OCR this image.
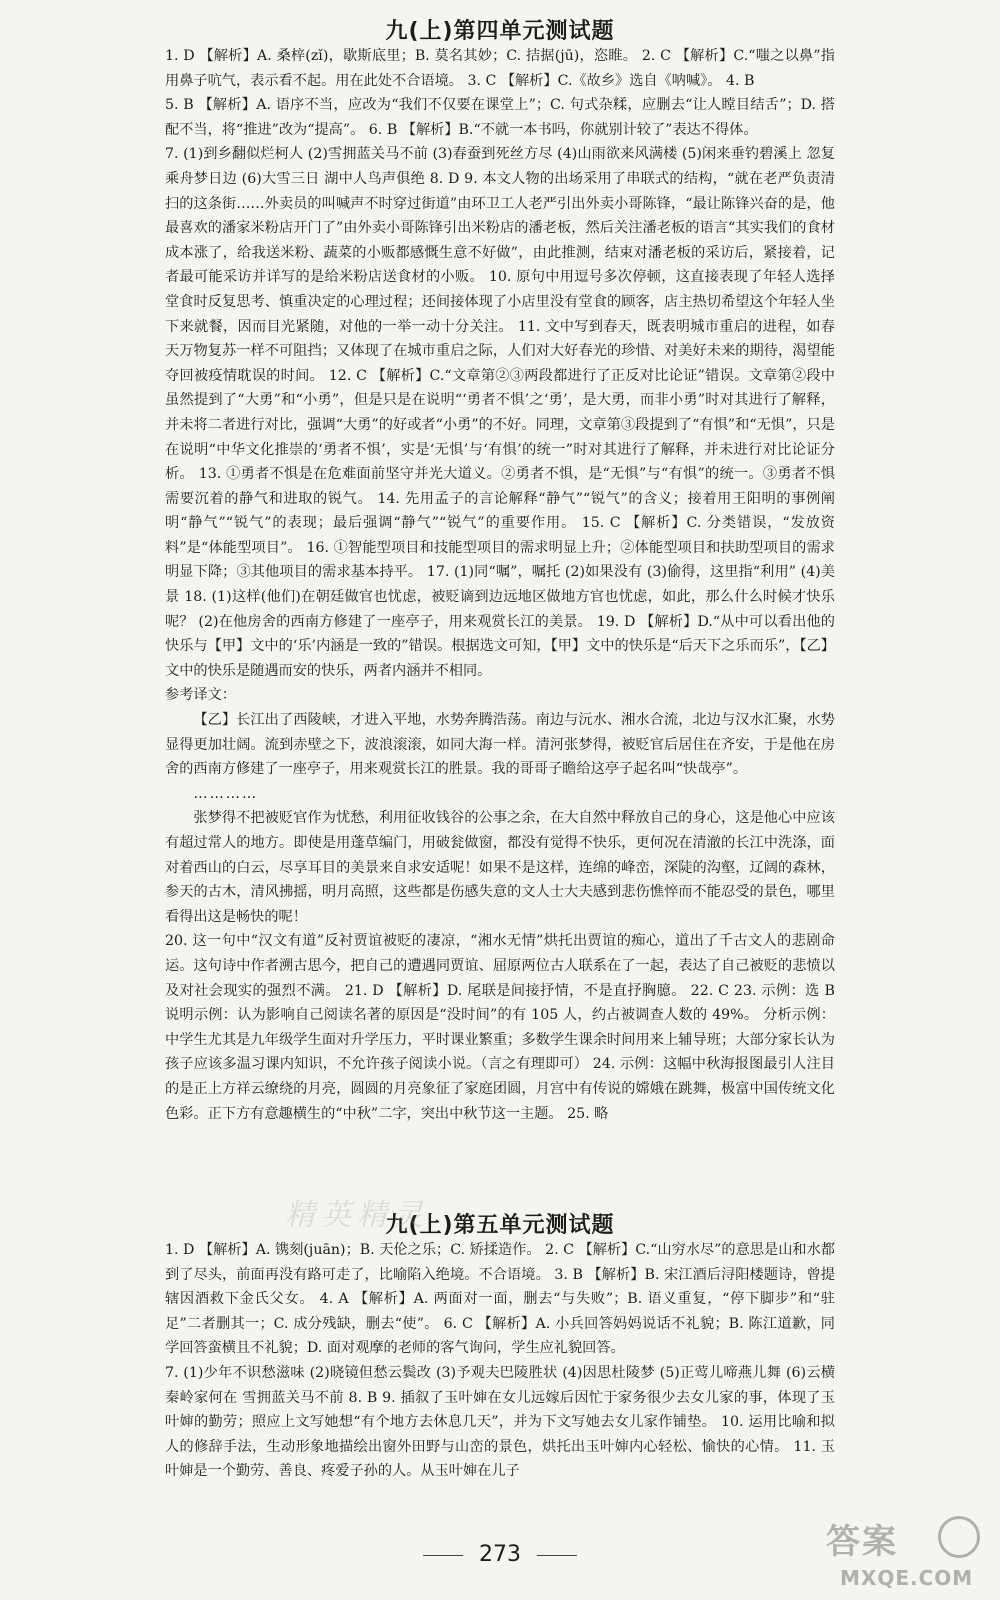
九(上)第四单元测试题

1. D 【解析】A. 桑梓(zǐ)，歇斯底里；B. 莫名其妙；C. 拮据(jū)，恣睢。 2. C 【解析】C.“嗤之以鼻”指用鼻子吭气，表示看不起。用在此处不合语境。 3. C 【解析】C.《故乡》选自《呐喊》。 4. B

5. B 【解析】A. 语序不当，应改为“我们不仅要在课堂上”；C. 句式杂糅，应删去“让人瞠目结舌”；D. 搭配不当，将“推进”改为“提高”。 6. B 【解析】B.“不就一本书吗，你就别计较了”表达不得体。

7. (1)到乡翻似烂柯人 (2)雪拥蓝关马不前 (3)春蚕到死丝方尽 (4)山雨欲来风满楼 (5)闲来垂钓碧溪上 忽复乘舟梦日边 (6)大雪三日 湖中人鸟声俱绝 8. D 9. 本文人物的出场采用了串联式的结构，“就在老严负责清扫的这条街……外卖员的叫喊声不时穿过街道”由环卫工人老严引出外卖小哥陈锋，“最让陈锋兴奋的是，他最喜欢的潘家米粉店开门了”由外卖小哥陈锋引出米粉店的潘老板，然后关注潘老板的语言“其实我们的食材成本涨了，给我送米粉、蔬菜的小贩都感慨生意不好做”，由此推测，结束对潘老板的采访后，紧接着，记者最可能采访并详写的是给米粉店送食材的小贩。 10. 原句中用逗号多次停顿，这直接表现了年轻人选择堂食时反复思考、慎重决定的心理过程；还间接体现了小店里没有堂食的顾客，店主热切希望这个年轻人坐下来就餐，因而目光紧随，对他的一举一动十分关注。 11. 文中写到春天，既表明城市重启的进程，如春天万物复苏一样不可阻挡；又体现了在城市重启之际，人们对大好春光的珍惜、对美好未来的期待，渴望能夺回被疫情耽误的时间。 12. C 【解析】C.“文章第②③两段都进行了正反对比论证”错误。文章第②段中虽然提到了“大勇”和“小勇”，但是只是在说明“‘勇者不惧’之‘勇’，是大勇，而非小勇”时对其进行了解释，并未将二者进行对比，强调“大勇”的好或者“小勇”的不好。同理，文章第③段提到了“有惧”和“无惧”，只是在说明“中华文化推崇的‘勇者不惧’，实是‘无惧’与‘有惧’的统一”时对其进行了解释，并未进行对比论证分析。 13. ①勇者不惧是在危难面前坚守并光大道义。②勇者不惧，是“无惧”与“有惧”的统一。③勇者不惧需要沉着的静气和进取的锐气。 14. 先用孟子的言论解释“静气”“锐气”的含义；接着用王阳明的事例阐明“静气”“锐气”的表现；最后强调“静气”“锐气”的重要作用。 15. C 【解析】C. 分类错误，“发放资料”是“体能型项目”。 16. ①智能型项目和技能型项目的需求明显上升；②体能型项目和扶助型项目的需求明显下降；③其他项目的需求基本持平。 17. (1)同“嘱”，嘱托 (2)如果没有 (3)偷得，这里指“利用” (4)美景 18. (1)这样(他们)在朝廷做官也忧虑，被贬谪到边远地区做地方官也忧虑，如此，那么什么时候才快乐呢？ (2)在他房舍的西南方修建了一座亭子，用来观赏长江的美景。 19. D 【解析】D.“从中可以看出他的快乐与【甲】文中的‘乐’内涵是一致的”错误。根据选文可知，【甲】文中的快乐是“后天下之乐而乐”，【乙】文中的快乐是随遇而安的快乐，两者内涵并不相同。

参考译文：

【乙】长江出了西陵峡，才进入平地，水势奔腾浩荡。南边与沅水、湘水合流，北边与汉水汇聚，水势显得更加壮阔。流到赤壁之下，波浪滚滚，如同大海一样。清河张梦得，被贬官后居住在齐安，于是他在房舍的西南方修建了一座亭子，用来观赏长江的胜景。我的哥哥子瞻给这亭子起名叫“快哉亭”。

…………

张梦得不把被贬官作为忧愁，利用征收钱谷的公事之余，在大自然中释放自己的身心，这是他心中应该有超过常人的地方。即使是用蓬草编门，用破瓮做窗，都没有觉得不快乐，更何况在清澈的长江中洗涤，面对着西山的白云，尽享耳目的美景来自求安适呢！如果不是这样，连绵的峰峦，深陡的沟壑，辽阔的森林，参天的古木，清风拂摇，明月高照，这些都是伤感失意的文人士大夫感到悲伤憔悴而不能忍受的景色，哪里看得出这是畅快的呢！

20. 这一句中“汉文有道”反衬贾谊被贬的凄凉，“湘水无情”烘托出贾谊的痴心，道出了千古文人的悲剧命运。这句诗中作者溯古思今，把自己的遭遇同贾谊、屈原两位古人联系在了一起，表达了自己被贬的悲愤以及对社会现实的强烈不满。 21. D 【解析】D. 尾联是间接抒情，不是直抒胸臆。 22. C 23. 示例：选 B 说明示例：认为影响自己阅读名著的原因是“没时间”的有 105 人，约占被调查人数的 49%。 分析示例：中学生尤其是九年级学生面对升学压力，平时课业繁重；多数学生课余时间用来上辅导班；大部分家长认为孩子应该多温习课内知识，不允许孩子阅读小说。（言之有理即可） 24. 示例：这幅中秋海报图最引人注目的是正上方祥云缭绕的月亮，圆圆的月亮象征了家庭团圆，月宫中有传说的嫦娥在跳舞，极富中国传统文化色彩。正下方有意趣横生的“中秋”二字，突出中秋节这一主题。 25. 略

九(上)第五单元测试题

1. D 【解析】A. 镌刻(juān)；B. 天伦之乐；C. 矫揉造作。 2. C 【解析】C.“山穷水尽”的意思是山和水都到了尽头，前面再没有路可走了，比喻陷入绝境。不合语境。 3. B 【解析】B. 宋江酒后浔阳楼题诗，曾提辖因酒救下金氏父女。 4. A 【解析】A. 两面对一面，删去“与失败”；B. 语义重复，“停下脚步”和“驻足”二者删其一；C. 成分残缺，删去“使”。 6. C 【解析】A. 小兵回答妈妈说话不礼貌；B. 陈江道歉，同学回答蛮横且不礼貌；D. 面对观摩的老师的客气询问，学生应礼貌回答。

7. (1)少年不识愁滋味 (2)晓镜但愁云鬓改 (3)予观夫巴陵胜状 (4)因思杜陵梦 (5)正莺儿啼燕儿舞 (6)云横秦岭家何在 雪拥蓝关马不前 8. B 9. 插叙了玉叶婶在女儿远嫁后因忙于家务很少去女儿家的事，体现了玉叶婶的勤劳；照应上文写她想“有个地方去休息几天”，并为下文写她去女儿家作铺垫。 10. 运用比喻和拟人的修辞手法，生动形象地描绘出窗外田野与山峦的景色，烘托出玉叶婶内心轻松、愉快的心情。 11. 玉叶婶是一个勤劳、善良、疼爱子孙的人。从玉叶婶在儿子

精英精灵
273	答案
MXQE.COM
